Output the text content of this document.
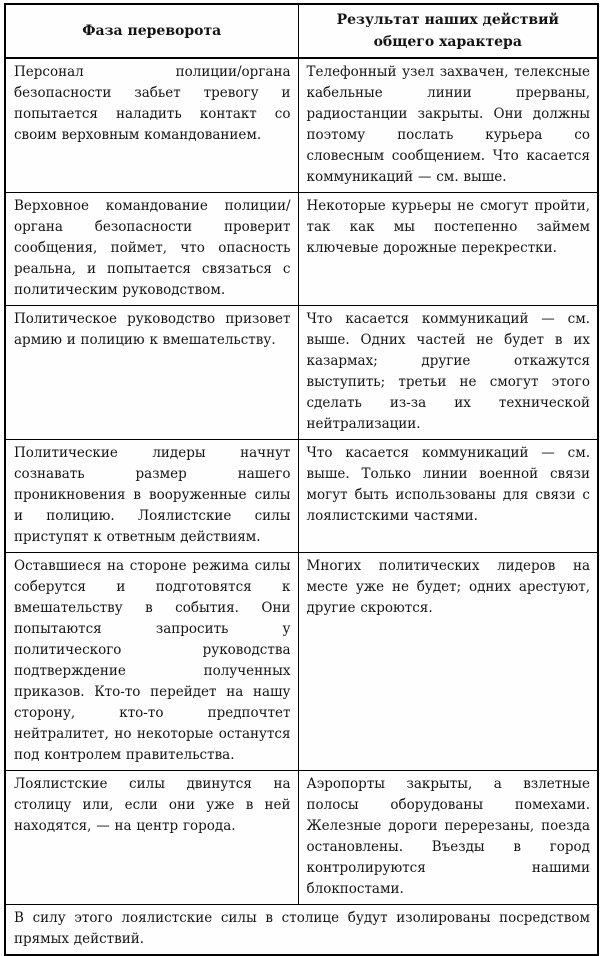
Фаза переворота	Результат наших действий общего характера
Персонал полиции/органа безопасности забьет тревогу и попытается наладить контакт со своим верховным командованием.	Телефонный узел захвачен, телексные кабельные линии прерваны, радиостанции закрыты. Они должны поэтому послать курьера со словесным сообщением. Что касается коммуникаций — см. выше.
Верховное командование полиции/органа безопасности проверит сообщения, поймет, что опасность реальна, и попытается связаться с политическим руководством.	Некоторые курьеры не смогут пройти, так как мы постепенно займем ключевые дорожные перекрестки.
Политическое руководство призовет армию и полицию к вмешательству.	Что касается коммуникаций — см. выше. Одних частей не будет в их казармах; другие откажутся выступить; третьи не смогут этого сделать из-за их технической нейтрализации.
Политические лидеры начнут сознавать размер нашего проникновения в вооруженные силы и полицию. Лоялистские силы приступят к ответным действиям.	Что касается коммуникаций — см. выше. Только линии военной связи могут быть использованы для связи с лоялистскими частями.
Оставшиеся на стороне режима силы соберутся и подготовятся к вмешательству в события. Они попытаются запросить у политического руководства подтверждение полученных приказов. Кто-то перейдет на нашу сторону, кто-то предпочтет нейтралитет, но некоторые останутся под контролем правительства.	Многих политических лидеров на месте уже не будет; одних арестуют, другие скроются.
Лоялистские силы двинутся на столицу или, если они уже в ней находятся, — на центр города.	Аэропорты закрыты, а взлетные полосы оборудованы помехами. Железные дороги перерезаны, поезда остановлены. Въезды в город контролируются нашими блокпостами.
В силу этого лоялистские силы в столице будут изолированы посредством прямых действий.	
